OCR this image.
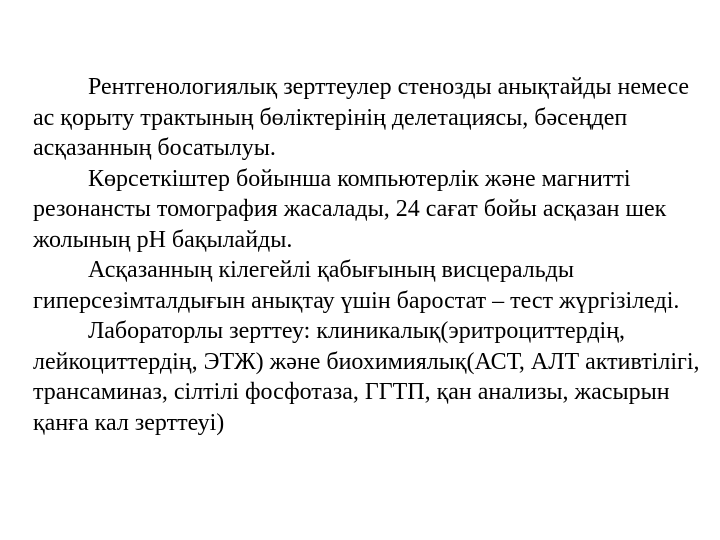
Рентгенологиялық зерттеулер стенозды анықтайды немесе ас қорыту трактының бөліктерінің делетациясы, бәсеңдеп асқазанның босатылуы.

Көрсеткіштер бойынша компьютерлік және магнитті резонансты томография жасалады, 24 сағат бойы асқазан шек жолының pH бақылайды.

Асқазанның кілегейлі қабығының висцеральды гиперсезімталдығын анықтау үшін баростат – тест жүргізіледі.

Лабораторлы зерттеу: клиникалық(эритроциттердің, лейкоциттердің, ЭТЖ) және биохимиялық(АСТ, АЛТ активтілігі, трансаминаз, сілтілі фосфотаза, ГГТП, қан анализы, жасырын қанға кал зерттеуі)
